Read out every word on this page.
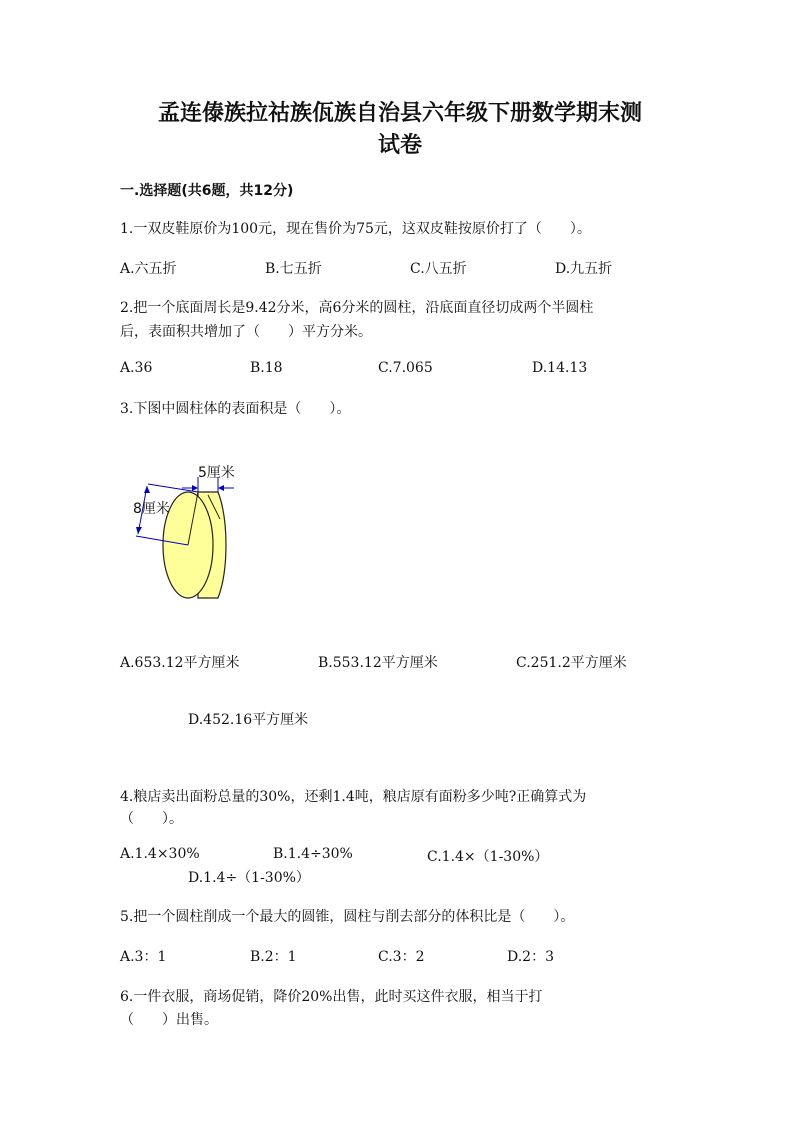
孟连傣族拉祜族佤族自治县六年级下册数学期末测
试卷
一.选择题(共6题，共12分)
1.一双皮鞋原价为100元，现在售价为75元，这双皮鞋按原价打了（　　）。
A.六五折	B.七五折	C.八五折	D.九五折
2.把一个底面周长是9.42分米，高6分米的圆柱，沿底面直径切成两个半圆柱
后，表面积共增加了（　　）平方分米。
A.36	B.18	C.7.065	D.14.13
3.下图中圆柱体的表面积是（　　）。
5厘米
8厘米
A.653.12平方厘米	B.553.12平方厘米	C.251.2平方厘米
D.452.16平方厘米
4.粮店卖出面粉总量的30%，还剩1.4吨，粮店原有面粉多少吨?正确算式为
（　　）。
A.1.4×30%	B.1.4÷30%	C.1.4×（1-30%）
D.1.4÷（1-30%）
5.把一个圆柱削成一个最大的圆锥，圆柱与削去部分的体积比是（　　）。
A.3：1	B.2：1	C.3：2	D.2：3
6.一件衣服，商场促销，降价20%出售，此时买这件衣服，相当于打
（　　）出售。
